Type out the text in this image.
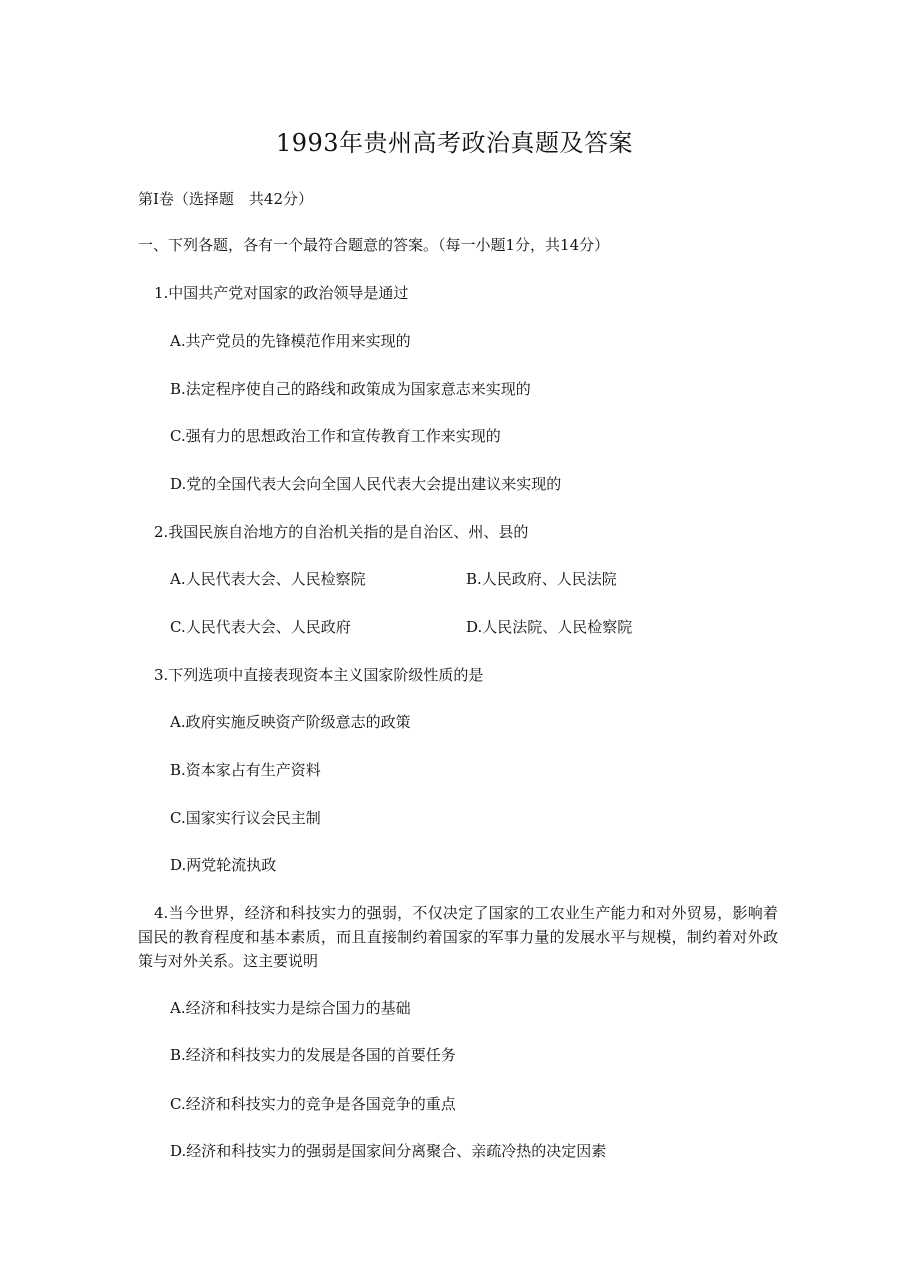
1993年贵州高考政治真题及答案
第Ⅰ卷（选择题　共42分）
一、下列各题，各有一个最符合题意的答案。（每一小题1分，共14分）
1.中国共产党对国家的政治领导是通过
A.共产党员的先锋模范作用来实现的
B.法定程序使自己的路线和政策成为国家意志来实现的
C.强有力的思想政治工作和宣传教育工作来实现的
D.党的全国代表大会向全国人民代表大会提出建议来实现的
2.我国民族自治地方的自治机关指的是自治区、州、县的
A.人民代表大会、人民检察院	B.人民政府、人民法院
C.人民代表大会、人民政府	D.人民法院、人民检察院
3.下列选项中直接表现资本主义国家阶级性质的是
A.政府实施反映资产阶级意志的政策
B.资本家占有生产资料
C.国家实行议会民主制
D.两党轮流执政
4.当今世界，经济和科技实力的强弱，不仅决定了国家的工农业生产能力和对外贸易，影响着国民的教育程度和基本素质，而且直接制约着国家的军事力量的发展水平与规模，制约着对外政策与对外关系。这主要说明
A.经济和科技实力是综合国力的基础
B.经济和科技实力的发展是各国的首要任务
C.经济和科技实力的竞争是各国竞争的重点
D.经济和科技实力的强弱是国家间分离聚合、亲疏冷热的决定因素
